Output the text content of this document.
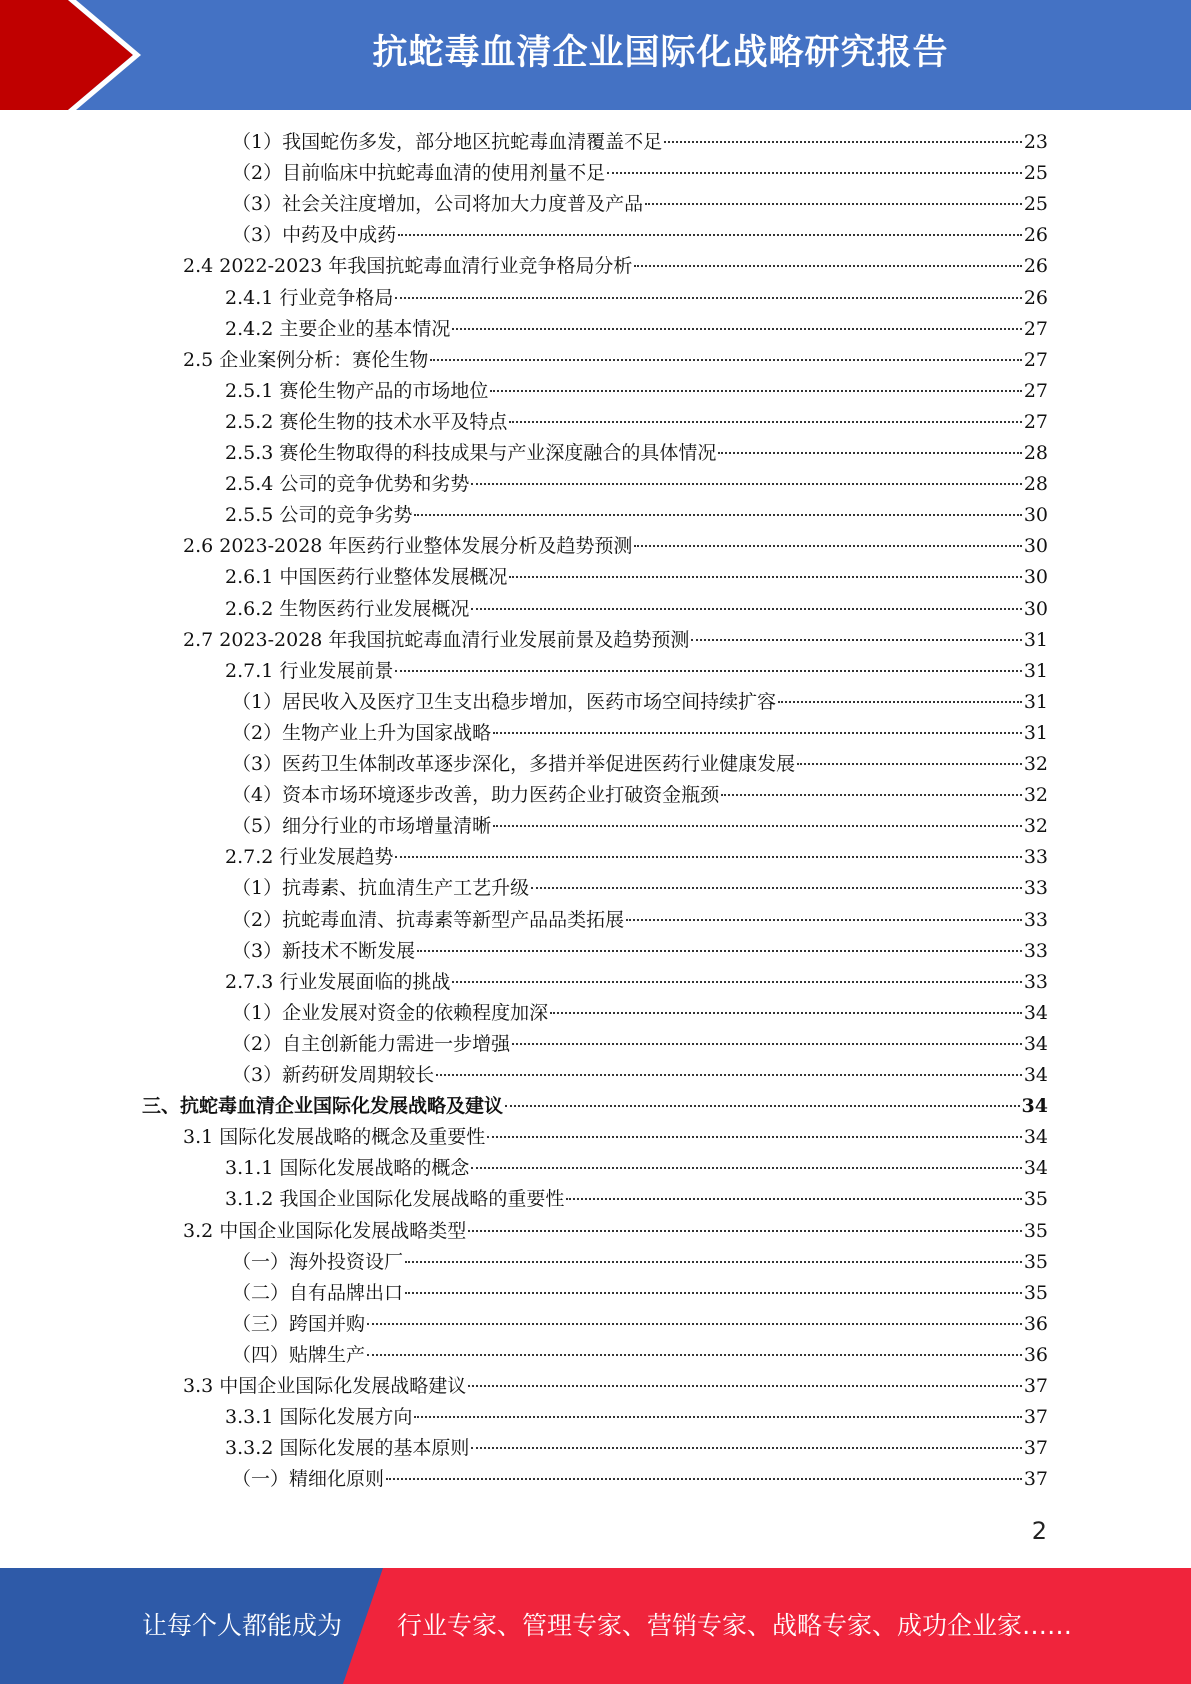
抗蛇毒血清企业国际化战略研究报告
（1）我国蛇伤多发，部分地区抗蛇毒血清覆盖不足	23
（2）目前临床中抗蛇毒血清的使用剂量不足	25
（3）社会关注度增加，公司将加大力度普及产品	25
（3）中药及中成药	26
2.4 2022-2023 年我国抗蛇毒血清行业竞争格局分析	26
2.4.1 行业竞争格局	26
2.4.2 主要企业的基本情况	27
2.5 企业案例分析：赛伦生物	27
2.5.1 赛伦生物产品的市场地位	27
2.5.2 赛伦生物的技术水平及特点	27
2.5.3 赛伦生物取得的科技成果与产业深度融合的具体情况	28
2.5.4 公司的竞争优势和劣势	28
2.5.5 公司的竞争劣势	30
2.6 2023-2028 年医药行业整体发展分析及趋势预测	30
2.6.1 中国医药行业整体发展概况	30
2.6.2 生物医药行业发展概况	30
2.7 2023-2028 年我国抗蛇毒血清行业发展前景及趋势预测	31
2.7.1 行业发展前景	31
（1）居民收入及医疗卫生支出稳步增加，医药市场空间持续扩容	31
（2）生物产业上升为国家战略	31
（3）医药卫生体制改革逐步深化，多措并举促进医药行业健康发展	32
（4）资本市场环境逐步改善，助力医药企业打破资金瓶颈	32
（5）细分行业的市场增量清晰	32
2.7.2 行业发展趋势	33
（1）抗毒素、抗血清生产工艺升级	33
（2）抗蛇毒血清、抗毒素等新型产品品类拓展	33
（3）新技术不断发展	33
2.7.3 行业发展面临的挑战	33
（1）企业发展对资金的依赖程度加深	34
（2）自主创新能力需进一步增强	34
（3）新药研发周期较长	34
三、抗蛇毒血清企业国际化发展战略及建议	34
3.1 国际化发展战略的概念及重要性	34
3.1.1 国际化发展战略的概念	34
3.1.2 我国企业国际化发展战略的重要性	35
3.2 中国企业国际化发展战略类型	35
（一）海外投资设厂	35
（二）自有品牌出口	35
（三）跨国并购	36
（四）贴牌生产	36
3.3 中国企业国际化发展战略建议	37
3.3.1 国际化发展方向	37
3.3.2 国际化发展的基本原则	37
（一）精细化原则	37
2
让每个人都能成为 行业专家、管理专家、营销专家、战略专家、成功企业家……
